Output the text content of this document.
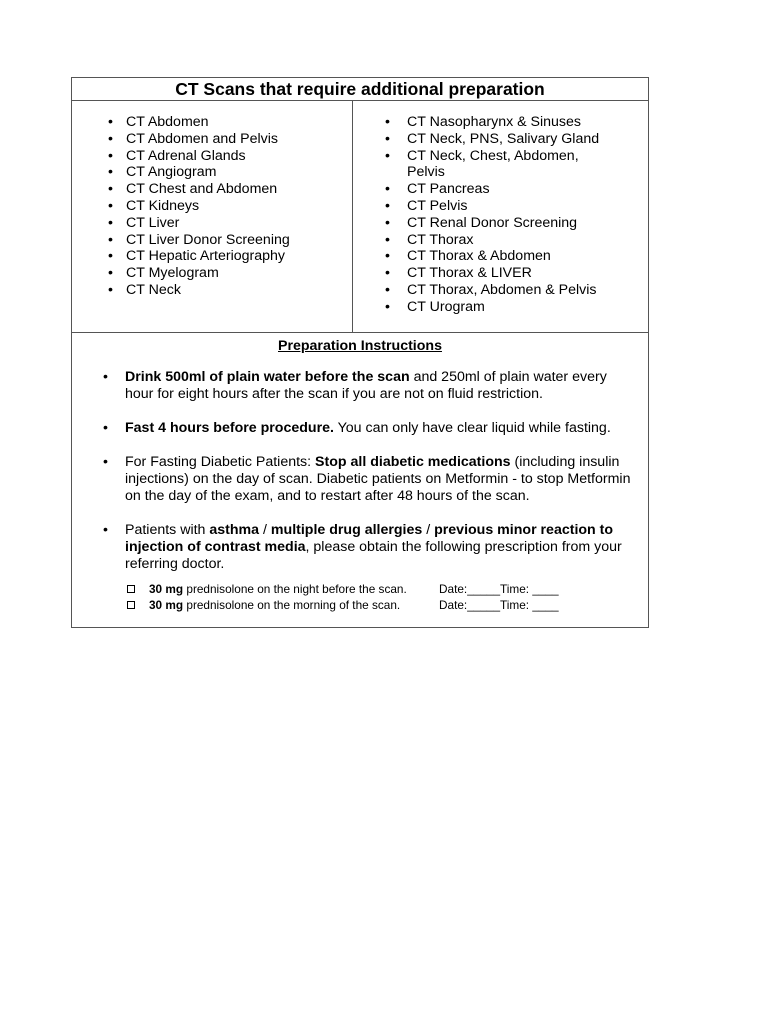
CT Scans that require additional preparation
• CT Abdomen
• CT Abdomen and Pelvis
• CT Adrenal Glands
• CT Angiogram
• CT Chest and Abdomen
• CT Kidneys
• CT Liver
• CT Liver Donor Screening
• CT Hepatic Arteriography
• CT Myelogram
• CT Neck
• CT Nasopharynx & Sinuses
• CT Neck, PNS, Salivary Gland
• CT Neck, Chest, Abdomen, Pelvis
• CT Pancreas
• CT Pelvis
• CT Renal Donor Screening
• CT Thorax
• CT Thorax & Abdomen
• CT Thorax & LIVER
• CT Thorax, Abdomen & Pelvis
• CT Urogram
Preparation Instructions
• Drink 500ml of plain water before the scan and 250ml of plain water every hour for eight hours after the scan if you are not on fluid restriction.
• Fast 4 hours before procedure. You can only have clear liquid while fasting.
• For Fasting Diabetic Patients: Stop all diabetic medications (including insulin injections) on the day of scan. Diabetic patients on Metformin - to stop Metformin on the day of the exam, and to restart after 48 hours of the scan.
• Patients with asthma / multiple drug allergies / previous minor reaction to injection of contrast media, please obtain the following prescription from your referring doctor.
30 mg prednisolone on the night before the scan.	Date:_____Time: ____
30 mg prednisolone on the morning of the scan.	Date:_____Time: ____
